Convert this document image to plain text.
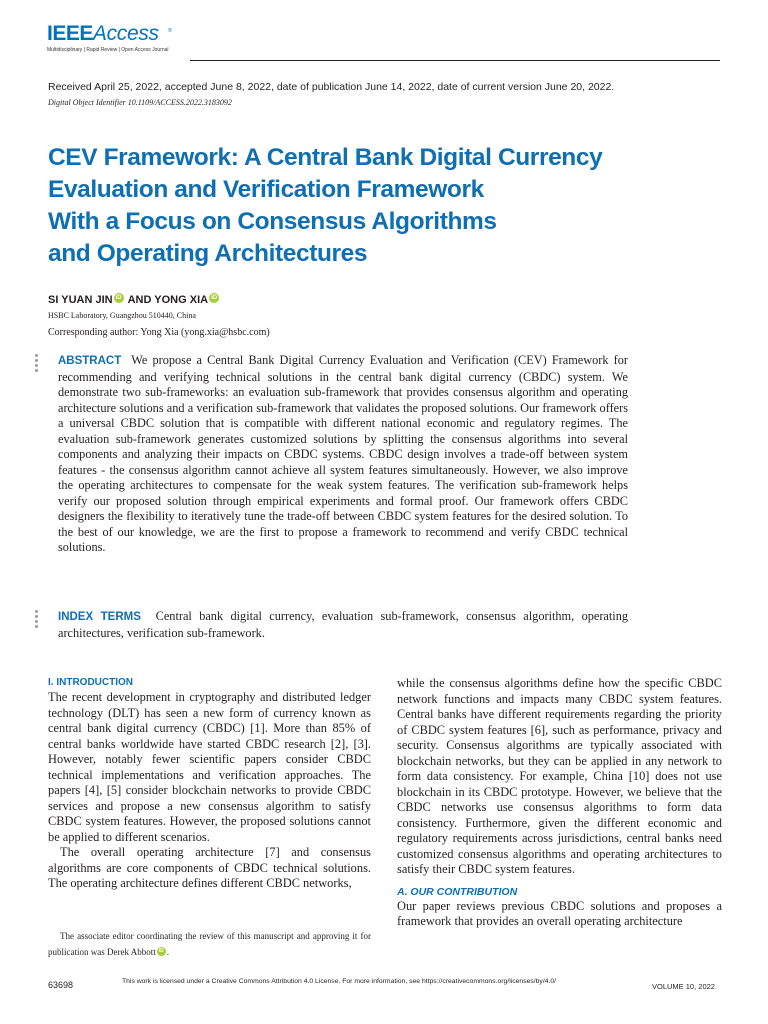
IEEEAccess ®
Multidisciplinary | Rapid Review | Open Access Journal
Received April 25, 2022, accepted June 8, 2022, date of publication June 14, 2022, date of current version June 20, 2022.
Digital Object Identifier 10.1109/ACCESS.2022.3183092
CEV Framework: A Central Bank Digital Currency
Evaluation and Verification Framework
With a Focus on Consensus Algorithms
and Operating Architectures
SI YUAN JIN iD AND YONG XIA iD
HSBC Laboratory, Guangzhou 510440, China
Corresponding author: Yong Xia (yong.xia@hsbc.com)
ABSTRACT We propose a Central Bank Digital Currency Evaluation and Verification (CEV) Framework for recommending and verifying technical solutions in the central bank digital currency (CBDC) system. We demonstrate two sub-frameworks: an evaluation sub-framework that provides consensus algorithm and operating architecture solutions and a verification sub-framework that validates the proposed solutions. Our framework offers a universal CBDC solution that is compatible with different national economic and regulatory regimes. The evaluation sub-framework generates customized solutions by splitting the consensus algorithms into several components and analyzing their impacts on CBDC systems. CBDC design involves a trade-off between system features - the consensus algorithm cannot achieve all system features simultaneously. However, we also improve the operating architectures to compensate for the weak system features. The verification sub-framework helps verify our proposed solution through empirical experiments and formal proof. Our framework offers CBDC designers the flexibility to iteratively tune the trade-off between CBDC system features for the desired solution. To the best of our knowledge, we are the first to propose a framework to recommend and verify CBDC technical solutions.
INDEX TERMS Central bank digital currency, evaluation sub-framework, consensus algorithm, operating architectures, verification sub-framework.
I. INTRODUCTION

The recent development in cryptography and distributed ledger technology (DLT) has seen a new form of currency known as central bank digital currency (CBDC) [1]. More than 85% of central banks worldwide have started CBDC research [2], [3]. However, notably fewer scientific papers consider CBDC technical implementations and verification approaches. The papers [4], [5] consider blockchain networks to provide CBDC services and propose a new consensus algorithm to satisfy CBDC system features. However, the proposed solutions cannot be applied to different scenarios.

The overall operating architecture [7] and consensus algorithms are core components of CBDC technical solutions. The operating architecture defines different CBDC networks,

while the consensus algorithms define how the specific CBDC network functions and impacts many CBDC system features. Central banks have different requirements regarding the priority of CBDC system features [6], such as performance, privacy and security. Consensus algorithms are typically associated with blockchain networks, but they can be applied in any network to form data consistency. For example, China [10] does not use blockchain in its CBDC prototype. However, we believe that the CBDC networks use consensus algorithms to form data consistency. Furthermore, given the different economic and regulatory requirements across jurisdictions, central banks need customized consensus algorithms and operating architectures to satisfy their CBDC system features.

A. OUR CONTRIBUTION

Our paper reviews previous CBDC solutions and proposes a framework that provides an overall operating architecture

The associate editor coordinating the review of this manuscript and approving it for publication was Derek Abbott iD .
63698	This work is licensed under a Creative Commons Attribution 4.0 License. For more information, see https://creativecommons.org/licenses/by/4.0/
VOLUME 10, 2022
